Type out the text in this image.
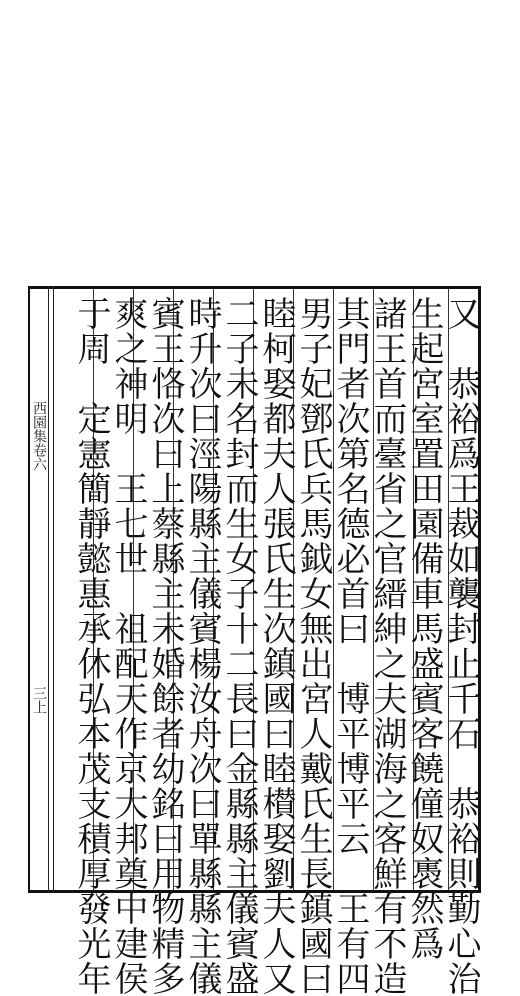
西園集卷六
三上	又　恭裕爲王裁如襲封止千石　恭裕則勤心治
生起宮室置田園備車馬盛賓客饒僮奴褭然爲
諸王首而臺省之官縉紳之夫湖海之客鮮有不造
其門者次第名德必首曰　博平博平云　王有四
男子妃鄧氏兵馬鉞女無出宮人戴氏生長鎮國曰
睦柯娶都夫人張氏生次鎮國曰睦櫕娶劉夫人又
二子未名封而生女子十二長曰金縣縣主儀賓盛
時升次曰涇陽縣主儀賓楊汝舟次曰單縣縣主儀
賓王恪次曰上蔡縣主未婚餘者幼銘曰用物精多
爽之神明　王七世　祖配天作京大邦奠中建侯
于周　定憲簡靜懿惠承休弘本茂支積厚發光年
